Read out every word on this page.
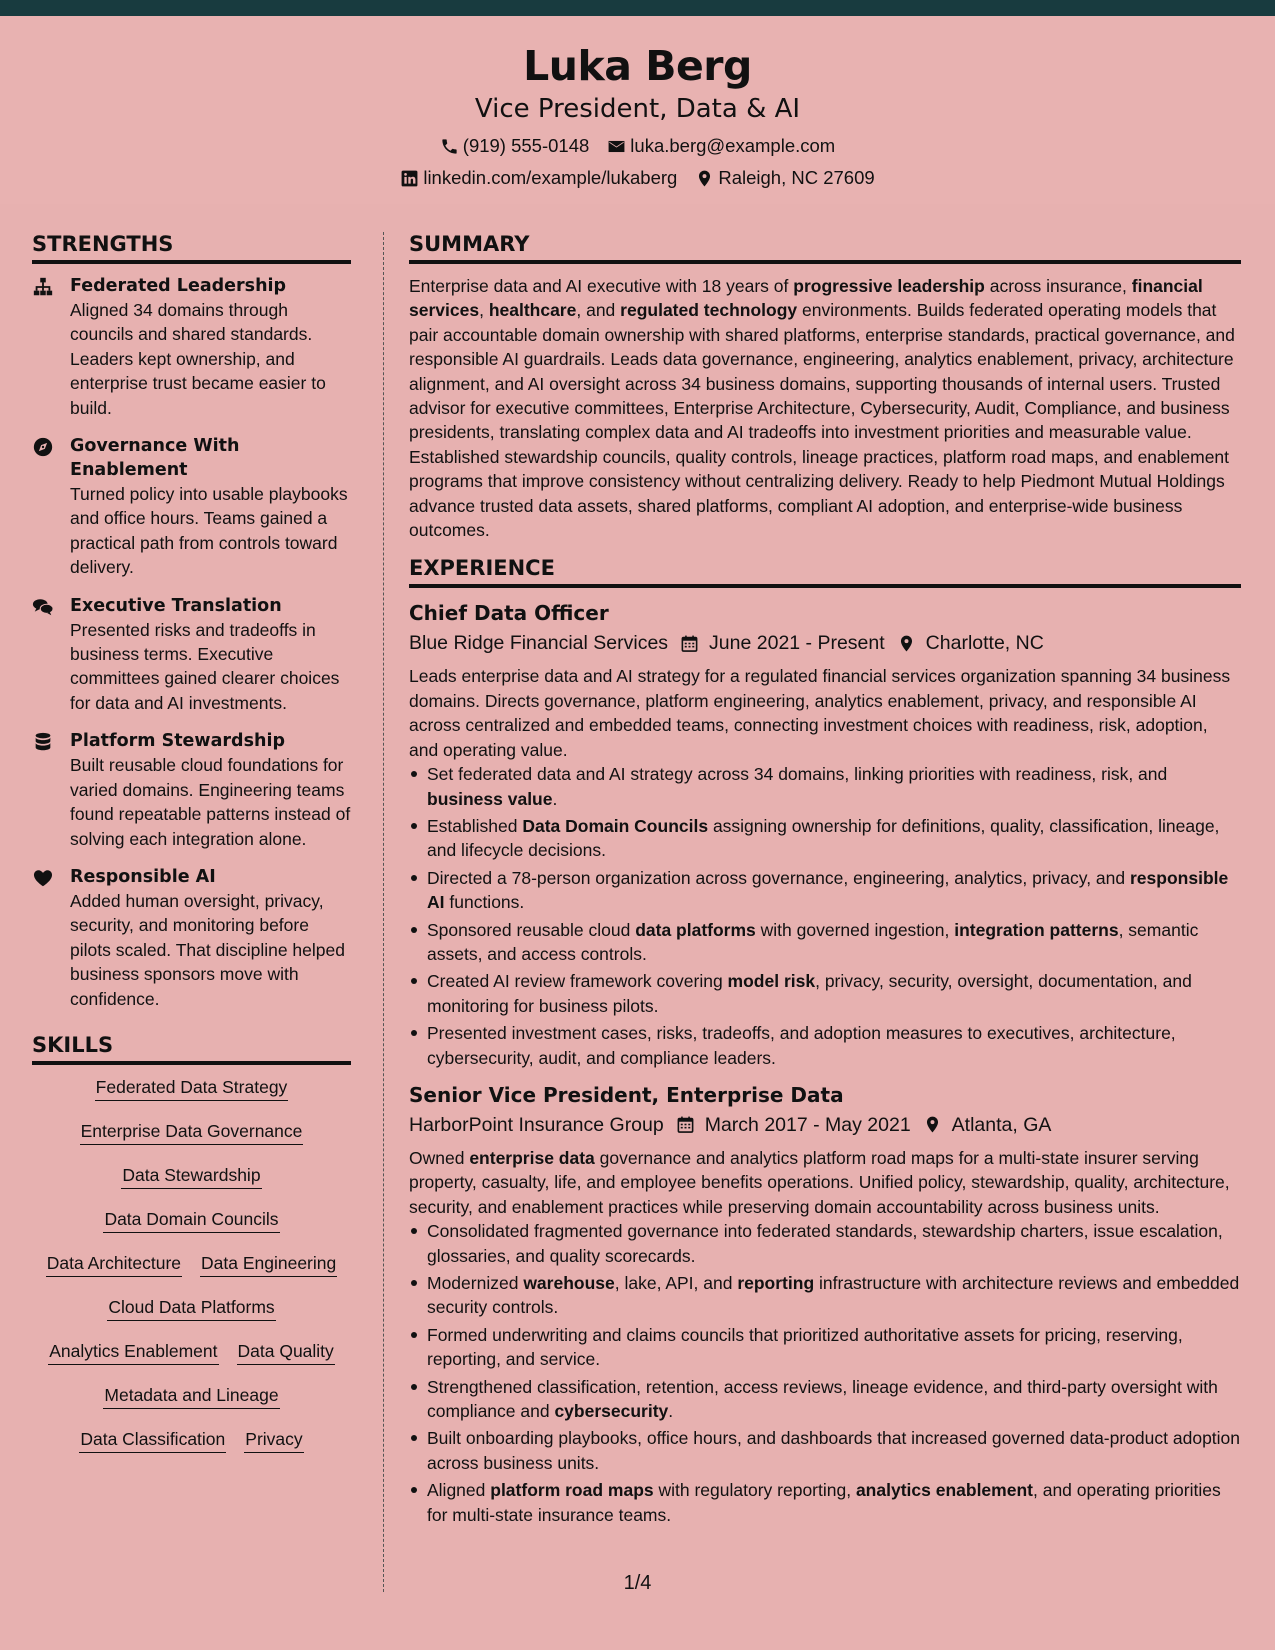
Luka Berg
Vice President, Data & AI
(919) 555-0148 luka.berg@example.com
linkedin.com/example/lukaberg Raleigh, NC 27609
STRENGTHS
Federated Leadership
Aligned 34 domains through councils and shared standards. Leaders kept ownership, and enterprise trust became easier to build.
Governance With Enablement
Turned policy into usable playbooks and office hours. Teams gained a practical path from controls toward delivery.
Executive Translation
Presented risks and tradeoffs in business terms. Executive committees gained clearer choices for data and AI investments.
Platform Stewardship
Built reusable cloud foundations for varied domains. Engineering teams found repeatable patterns instead of solving each integration alone.
Responsible AI
Added human oversight, privacy, security, and monitoring before pilots scaled. That discipline helped business sponsors move with confidence.
SKILLS
Federated Data Strategy
Enterprise Data Governance
Data Stewardship
Data Domain Councils
Data Architecture Data Engineering
Cloud Data Platforms
Analytics Enablement Data Quality
Metadata and Lineage
Data Classification Privacy
SUMMARY
Enterprise data and AI executive with 18 years of progressive leadership across insurance, financial services, healthcare, and regulated technology environments. Builds federated operating models that pair accountable domain ownership with shared platforms, enterprise standards, practical governance, and responsible AI guardrails. Leads data governance, engineering, analytics enablement, privacy, architecture alignment, and AI oversight across 34 business domains, supporting thousands of internal users. Trusted advisor for executive committees, Enterprise Architecture, Cybersecurity, Audit, Compliance, and business presidents, translating complex data and AI tradeoffs into investment priorities and measurable value. Established stewardship councils, quality controls, lineage practices, platform road maps, and enablement programs that improve consistency without centralizing delivery. Ready to help Piedmont Mutual Holdings advance trusted data assets, shared platforms, compliant AI adoption, and enterprise-wide business outcomes.
EXPERIENCE
Chief Data Officer
Blue Ridge Financial Services June 2021 - Present Charlotte, NC
Leads enterprise data and AI strategy for a regulated financial services organization spanning 34 business domains. Directs governance, platform engineering, analytics enablement, privacy, and responsible AI across centralized and embedded teams, connecting investment choices with readiness, risk, adoption, and operating value.
Set federated data and AI strategy across 34 domains, linking priorities with readiness, risk, and business value.
Established Data Domain Councils assigning ownership for definitions, quality, classification, lineage, and lifecycle decisions.
Directed a 78-person organization across governance, engineering, analytics, privacy, and responsible AI functions.
Sponsored reusable cloud data platforms with governed ingestion, integration patterns, semantic assets, and access controls.
Created AI review framework covering model risk, privacy, security, oversight, documentation, and monitoring for business pilots.
Presented investment cases, risks, tradeoffs, and adoption measures to executives, architecture, cybersecurity, audit, and compliance leaders.
Senior Vice President, Enterprise Data
HarborPoint Insurance Group March 2017 - May 2021 Atlanta, GA
Owned enterprise data governance and analytics platform road maps for a multi-state insurer serving property, casualty, life, and employee benefits operations. Unified policy, stewardship, quality, architecture, security, and enablement practices while preserving domain accountability across business units.
Consolidated fragmented governance into federated standards, stewardship charters, issue escalation, glossaries, and quality scorecards.
Modernized warehouse, lake, API, and reporting infrastructure with architecture reviews and embedded security controls.
Formed underwriting and claims councils that prioritized authoritative assets for pricing, reserving, reporting, and service.
Strengthened classification, retention, access reviews, lineage evidence, and third-party oversight with compliance and cybersecurity.
Built onboarding playbooks, office hours, and dashboards that increased governed data-product adoption across business units.
Aligned platform road maps with regulatory reporting, analytics enablement, and operating priorities for multi-state insurance teams.
1/4
